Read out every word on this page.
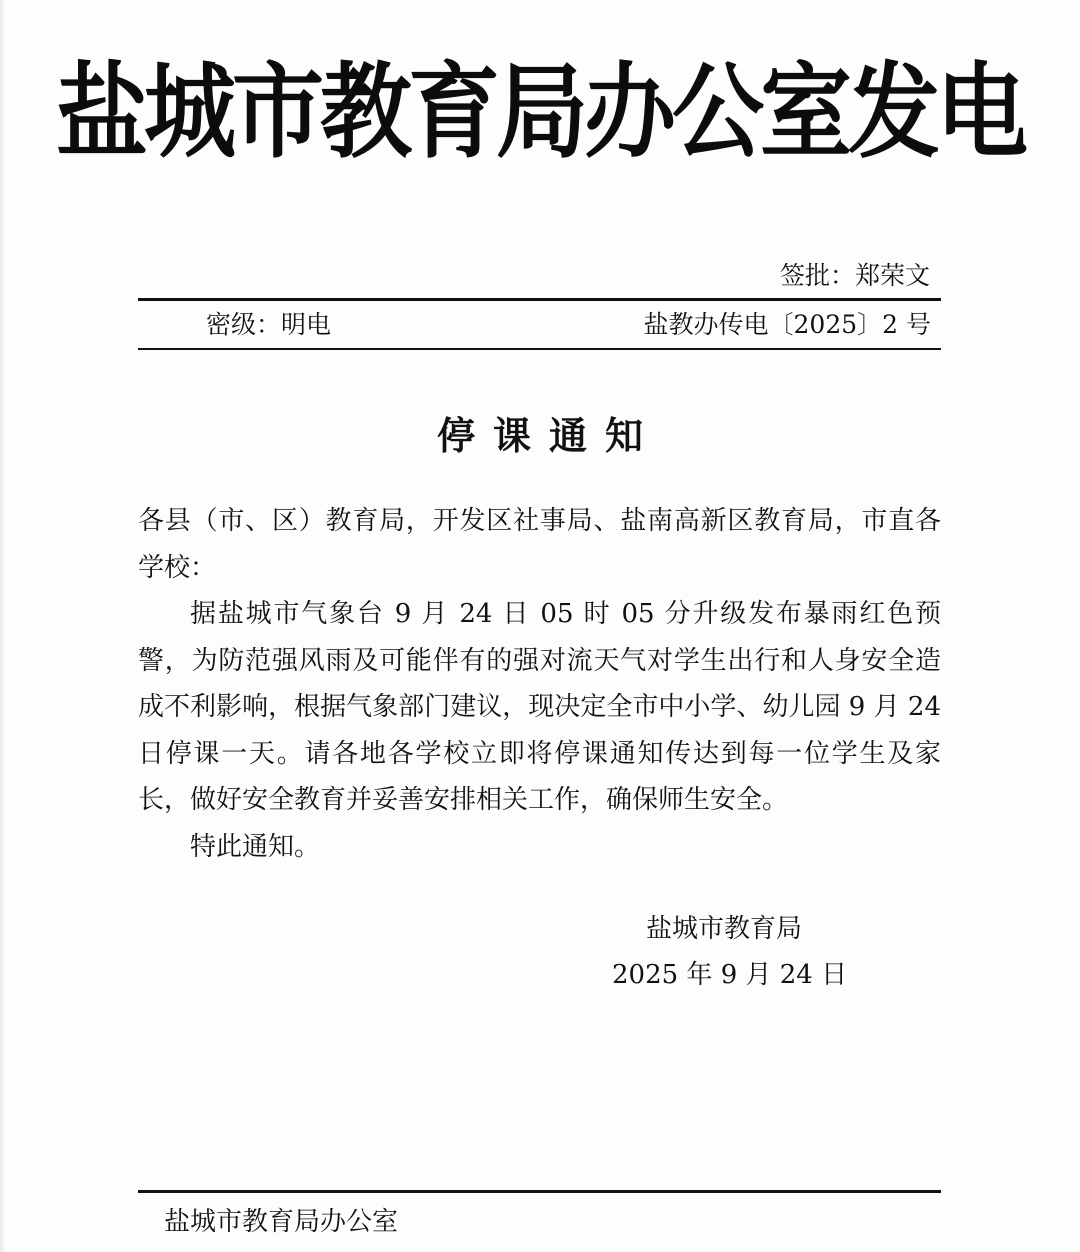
盐城市教育局办公室发电
签批：郑荣文
密级：明电	盐教办传电〔2025〕2 号
停课通知

各县（市、区）教育局，开发区社事局、盐南高新区教育局，市直各学校：

据盐城市气象台 9 月 24 日 05 时 05 分升级发布暴雨红色预警，为防范强风雨及可能伴有的强对流天气对学生出行和人身安全造成不利影响，根据气象部门建议，现决定全市中小学、幼儿园 9 月 24 日停课一天。请各地各学校立即将停课通知传达到每一位学生及家长，做好安全教育并妥善安排相关工作，确保师生安全。

特此通知。

盐城市教育局
2025 年 9 月 24 日
盐城市教育局办公室
